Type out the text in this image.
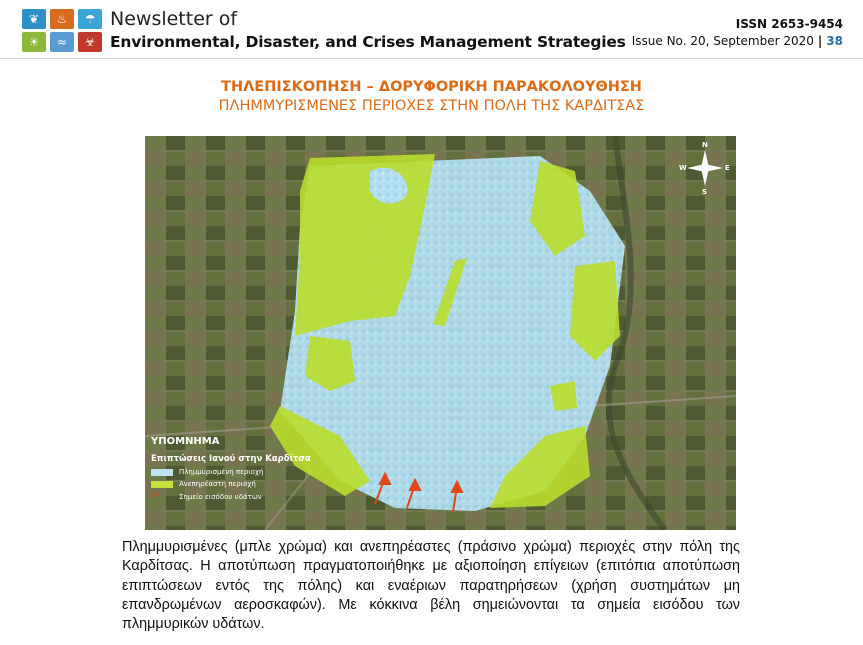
❦	♨	☂
☀	≈	☣
Newsletter of
Environmental, Disaster, and Crises Management Strategies
ISSN 2653-9454
Issue No. 20, September 2020 | 38
ΤΗΛΕΠΙΣΚΟΠΗΣΗ – ΔΟΡΥΦΟΡΙΚΗ ΠΑΡΑΚΟΛΟΥΘΗΣΗ
ΠΛΗΜΜΥΡΙΣΜΕΝΕΣ ΠΕΡΙΟΧΕΣ ΣΤΗΝ ΠΟΛΗ ΤΗΣ ΚΑΡΔΙΤΣΑΣ
N
S
W	E
ΥΠΟΜΝΗΜΑ
Επιπτώσεις Ιανού στην Καρδίτσα
Πλημμυρισμένη περιοχή
Ανεπηρέαστη περιοχή
↗	Σημείο εισόδου υδάτων

Πλημμυρισμένες (μπλε χρώμα) και ανεπηρέαστες (πράσινο χρώμα) περιοχές στην πόλη της Καρδίτσας. Η αποτύπωση πραγματοποιήθηκε με αξιοποίηση επίγειων (επιτόπια αποτύπωση επιπτώσεων εντός της πόλης) και εναέριων παρατηρήσεων (χρήση συστημάτων μη επανδρωμένων αεροσκαφών). Με κόκκινα βέλη σημειώνονται τα σημεία εισόδου των πλημμυρικών υδάτων.
